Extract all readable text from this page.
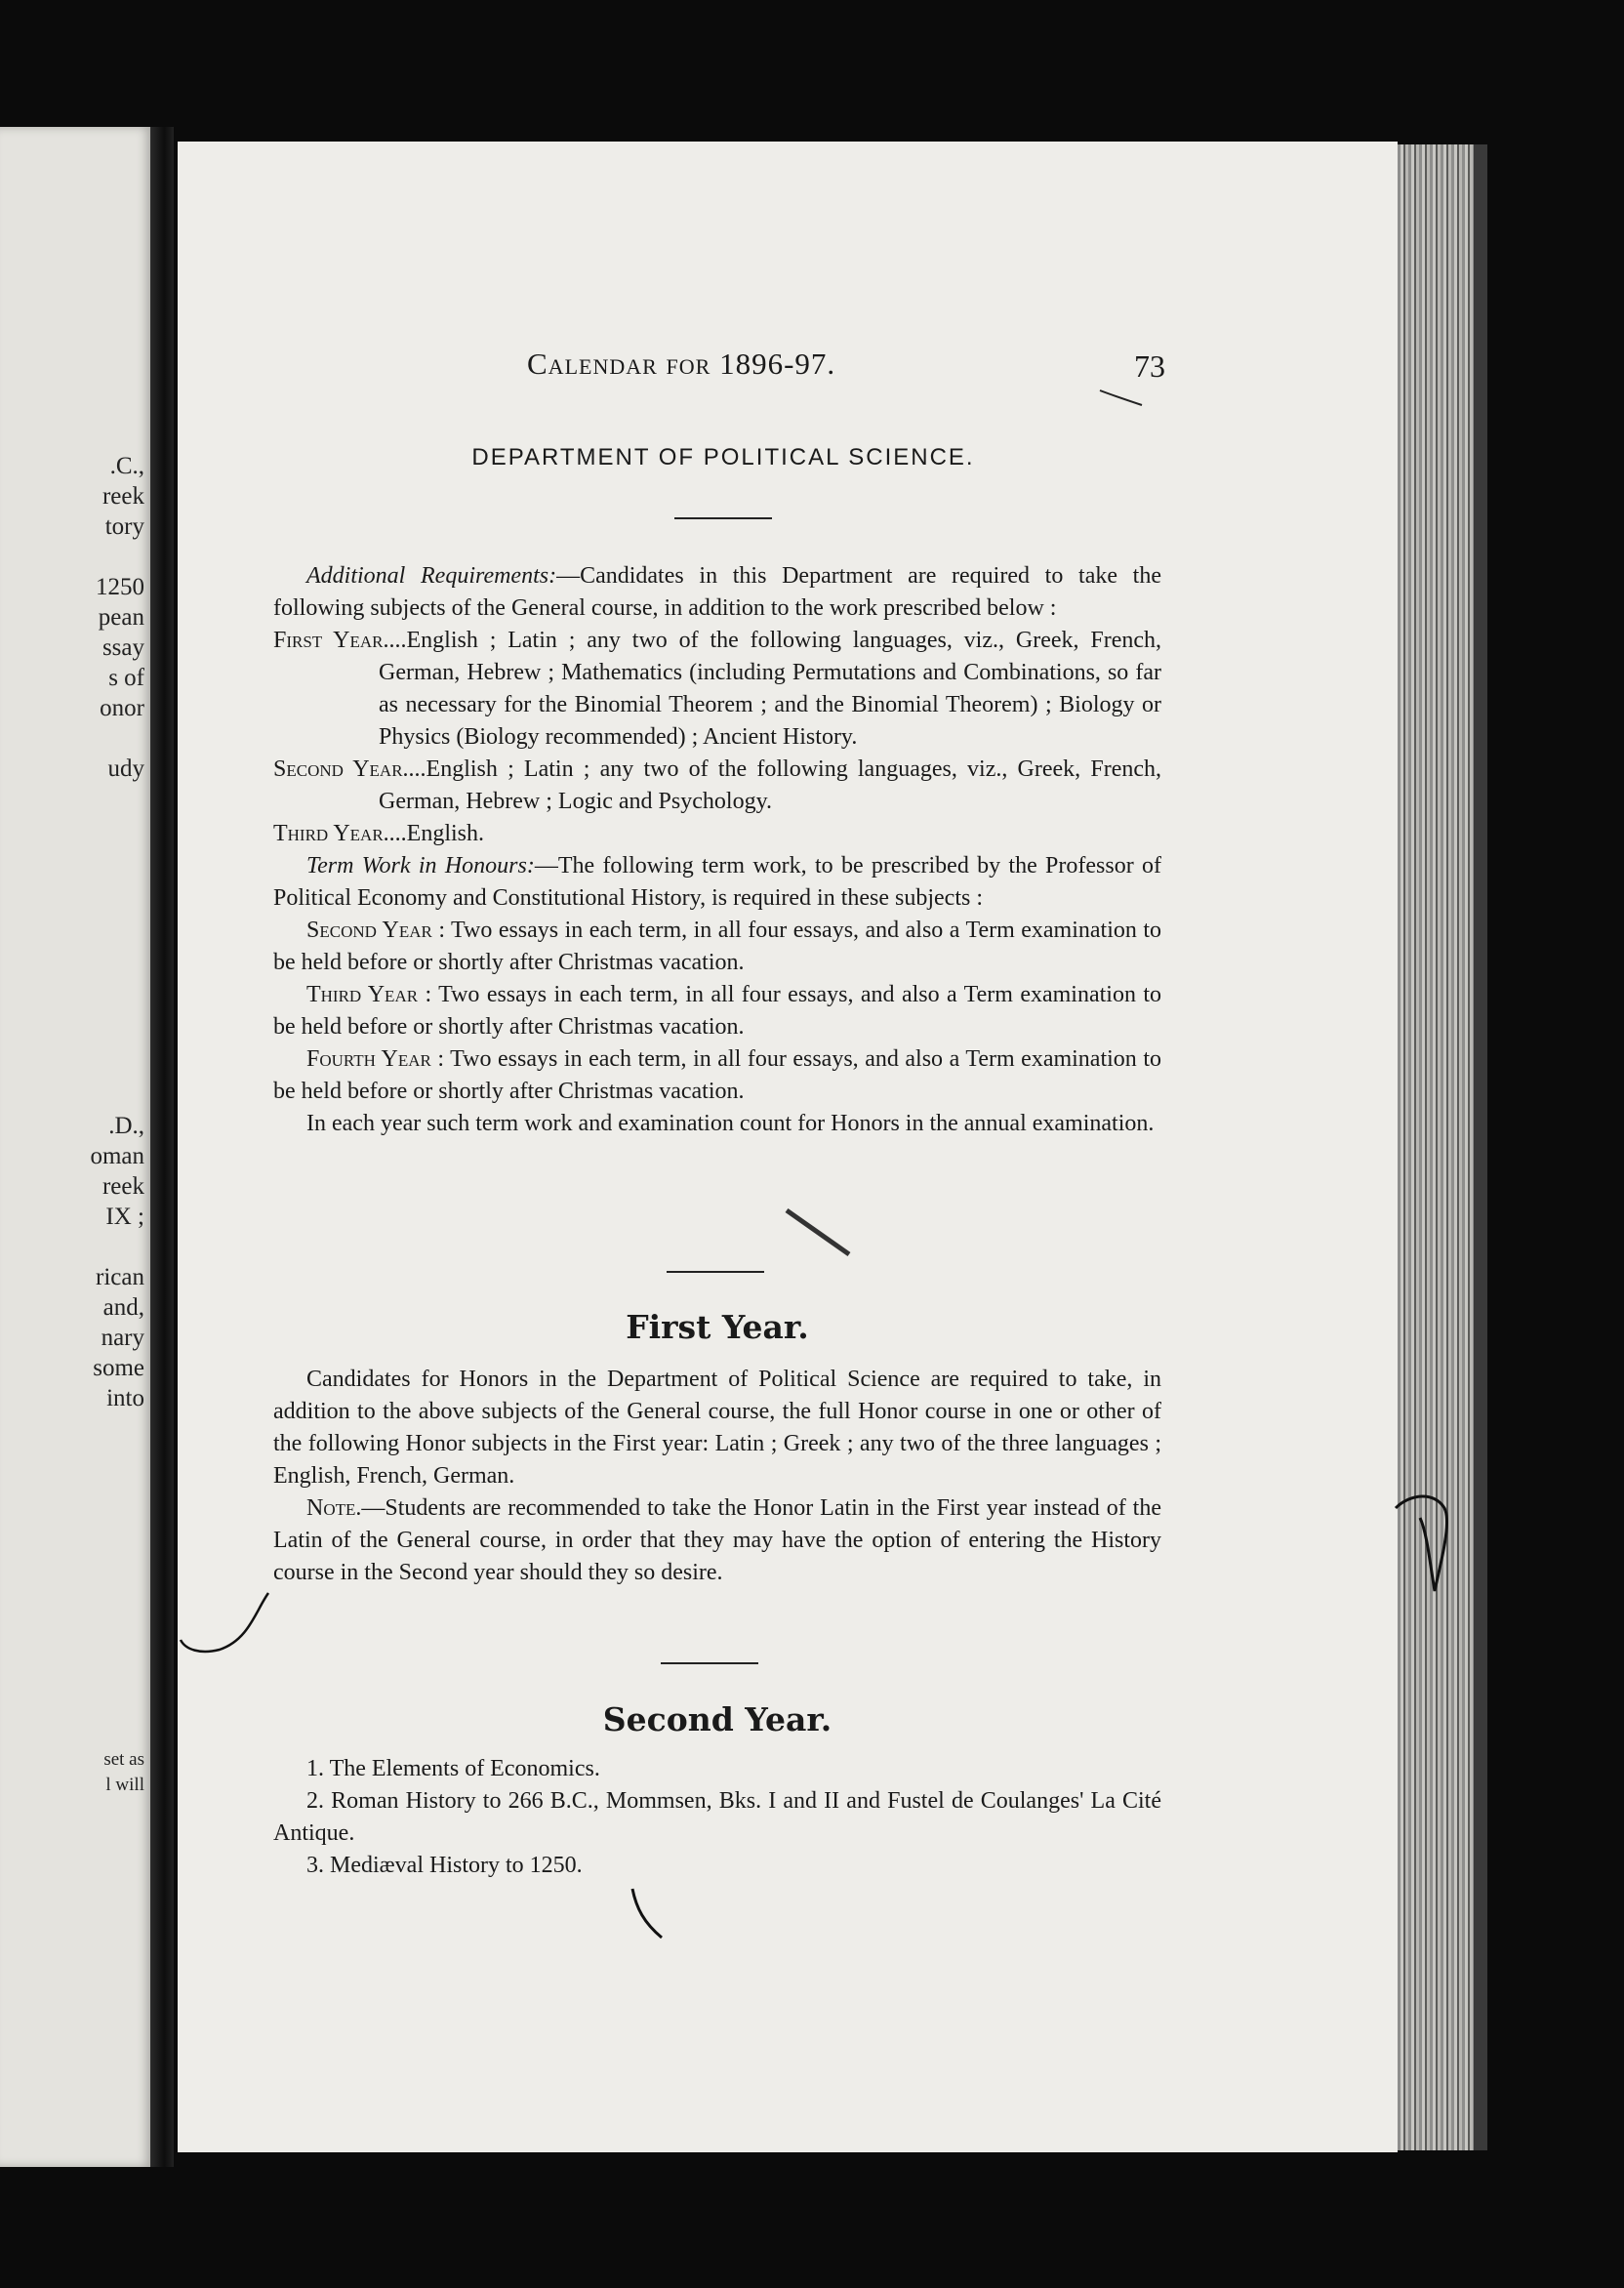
.C.,
reek
tory
1250
pean
ssay
s of
onor
udy
.D.,
oman
reek
IX ;
rican
and,
nary
some
into
set as
l will
Calendar for 1896-97.	73
DEPARTMENT OF POLITICAL SCIENCE.

Additional Requirements:—Candidates in this Department are required to take the following subjects of the General course, in addition to the work prescribed below :

First Year....English ; Latin ; any two of the following languages, viz., Greek, French, German, Hebrew ; Mathematics (including Permutations and Combinations, so far as necessary for the Binomial Theorem ; and the Binomial Theorem) ; Biology or Physics (Biology recommended) ; Ancient History.

Second Year....English ; Latin ; any two of the following languages, viz., Greek, French, German, Hebrew ; Logic and Psychology.

Third Year....English.

Term Work in Honours:—The following term work, to be prescribed by the Professor of Political Economy and Constitutional History, is required in these subjects :

Second Year : Two essays in each term, in all four essays, and also a Term examination to be held before or shortly after Christmas vacation.

Third Year : Two essays in each term, in all four essays, and also a Term examination to be held before or shortly after Christmas vacation.

Fourth Year : Two essays in each term, in all four essays, and also a Term examination to be held before or shortly after Christmas vacation.

In each year such term work and examination count for Honors in the annual examination.

First Year.

Candidates for Honors in the Department of Political Science are required to take, in addition to the above subjects of the General course, the full Honor course in one or other of the following Honor subjects in the First year: Latin ; Greek ; any two of the three languages ; English, French, German.

Note.—Students are recommended to take the Honor Latin in the First year instead of the Latin of the General course, in order that they may have the option of entering the History course in the Second year should they so desire.

Second Year.

1. The Elements of Economics.

2. Roman History to 266 B.C., Mommsen, Bks. I and II and Fustel de Coulanges' La Cité Antique.

3. Mediæval History to 1250.
